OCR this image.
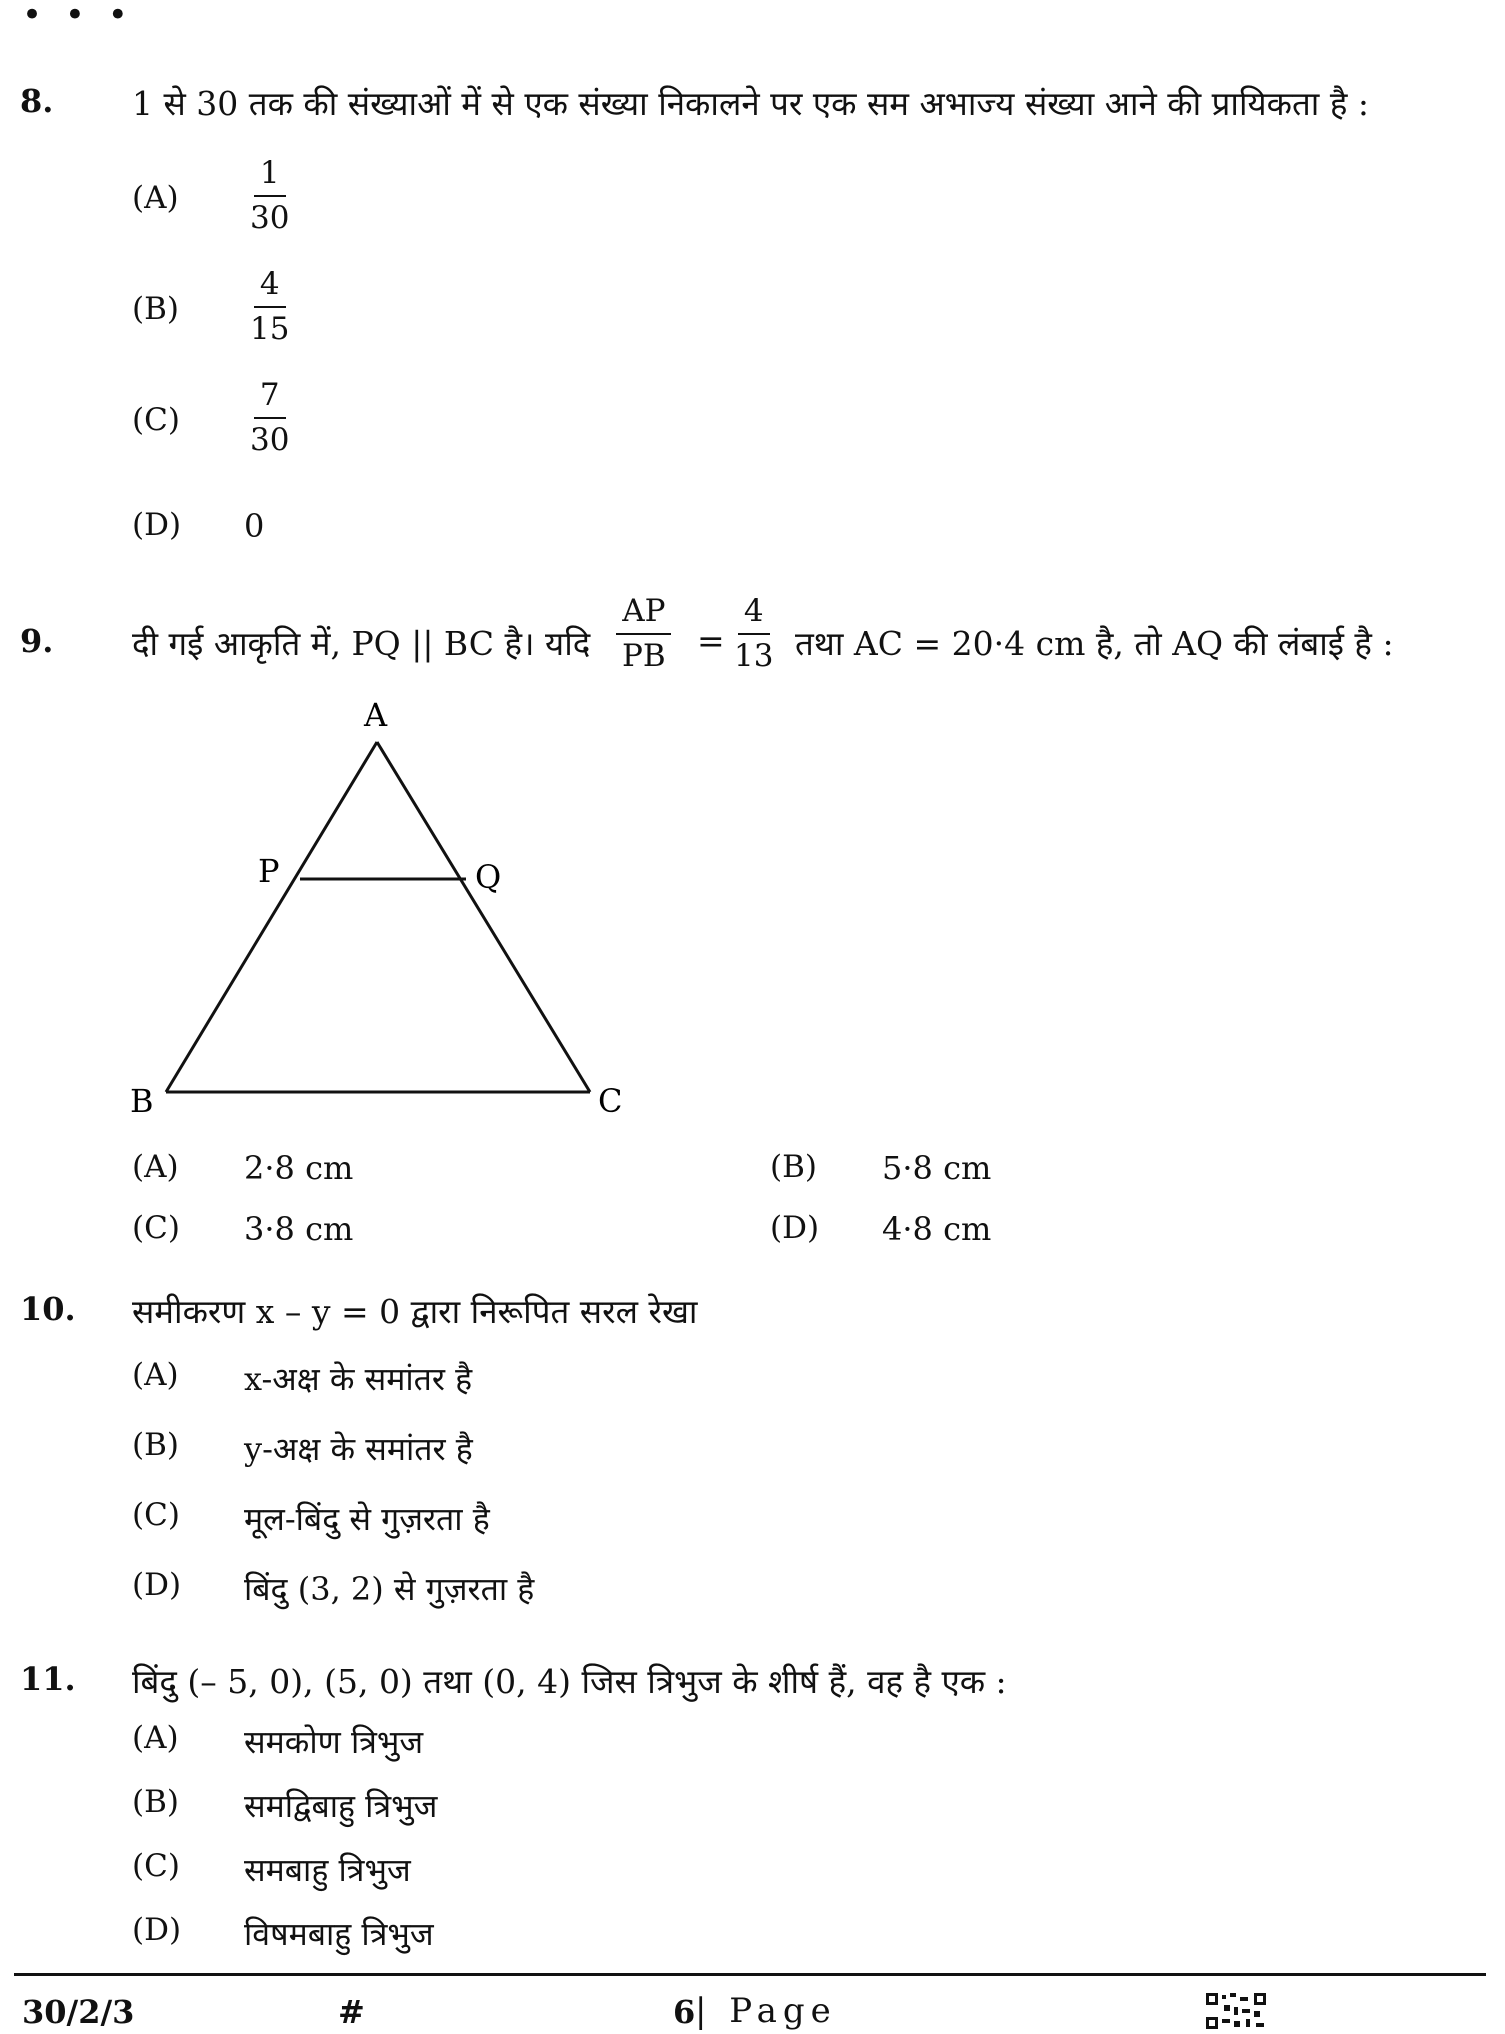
• • •
8. 1 से 30 तक की संख्याओं में से एक संख्या निकालने पर एक सम अभाज्य संख्या आने की प्रायिकता है :
$(A) \frac{1}{30}$
$(B) \frac{4}{15}$
$(C) \frac{7}{30}$
(D) 0
9. दी गई आकृति में, PQ || BC है। यदि $\frac{AP}{PB} = \frac{4}{13}$ तथा AC = 20·4 cm है, तो AQ की लंबाई है :
A
P	Q
B	C
(A) 2·8 cm	(B) 5·8 cm
(C) 3·8 cm	(D) 4·8 cm
10. समीकरण x – y = 0 द्वारा निरूपित सरल रेखा
(A) x-अक्ष के समांतर है
(B) y-अक्ष के समांतर है
(C) मूल-बिंदु से गुज़रता है
(D) बिंदु (3, 2) से गुज़रता है
11. बिंदु (– 5, 0), (5, 0) तथा (0, 4) जिस त्रिभुज के शीर्ष हैं, वह है एक :
(A) समकोण त्रिभुज
(B) समद्विबाहु त्रिभुज
(C) समबाहु त्रिभुज
(D) विषमबाहु त्रिभुज
30/2/3	#	6 | Page
